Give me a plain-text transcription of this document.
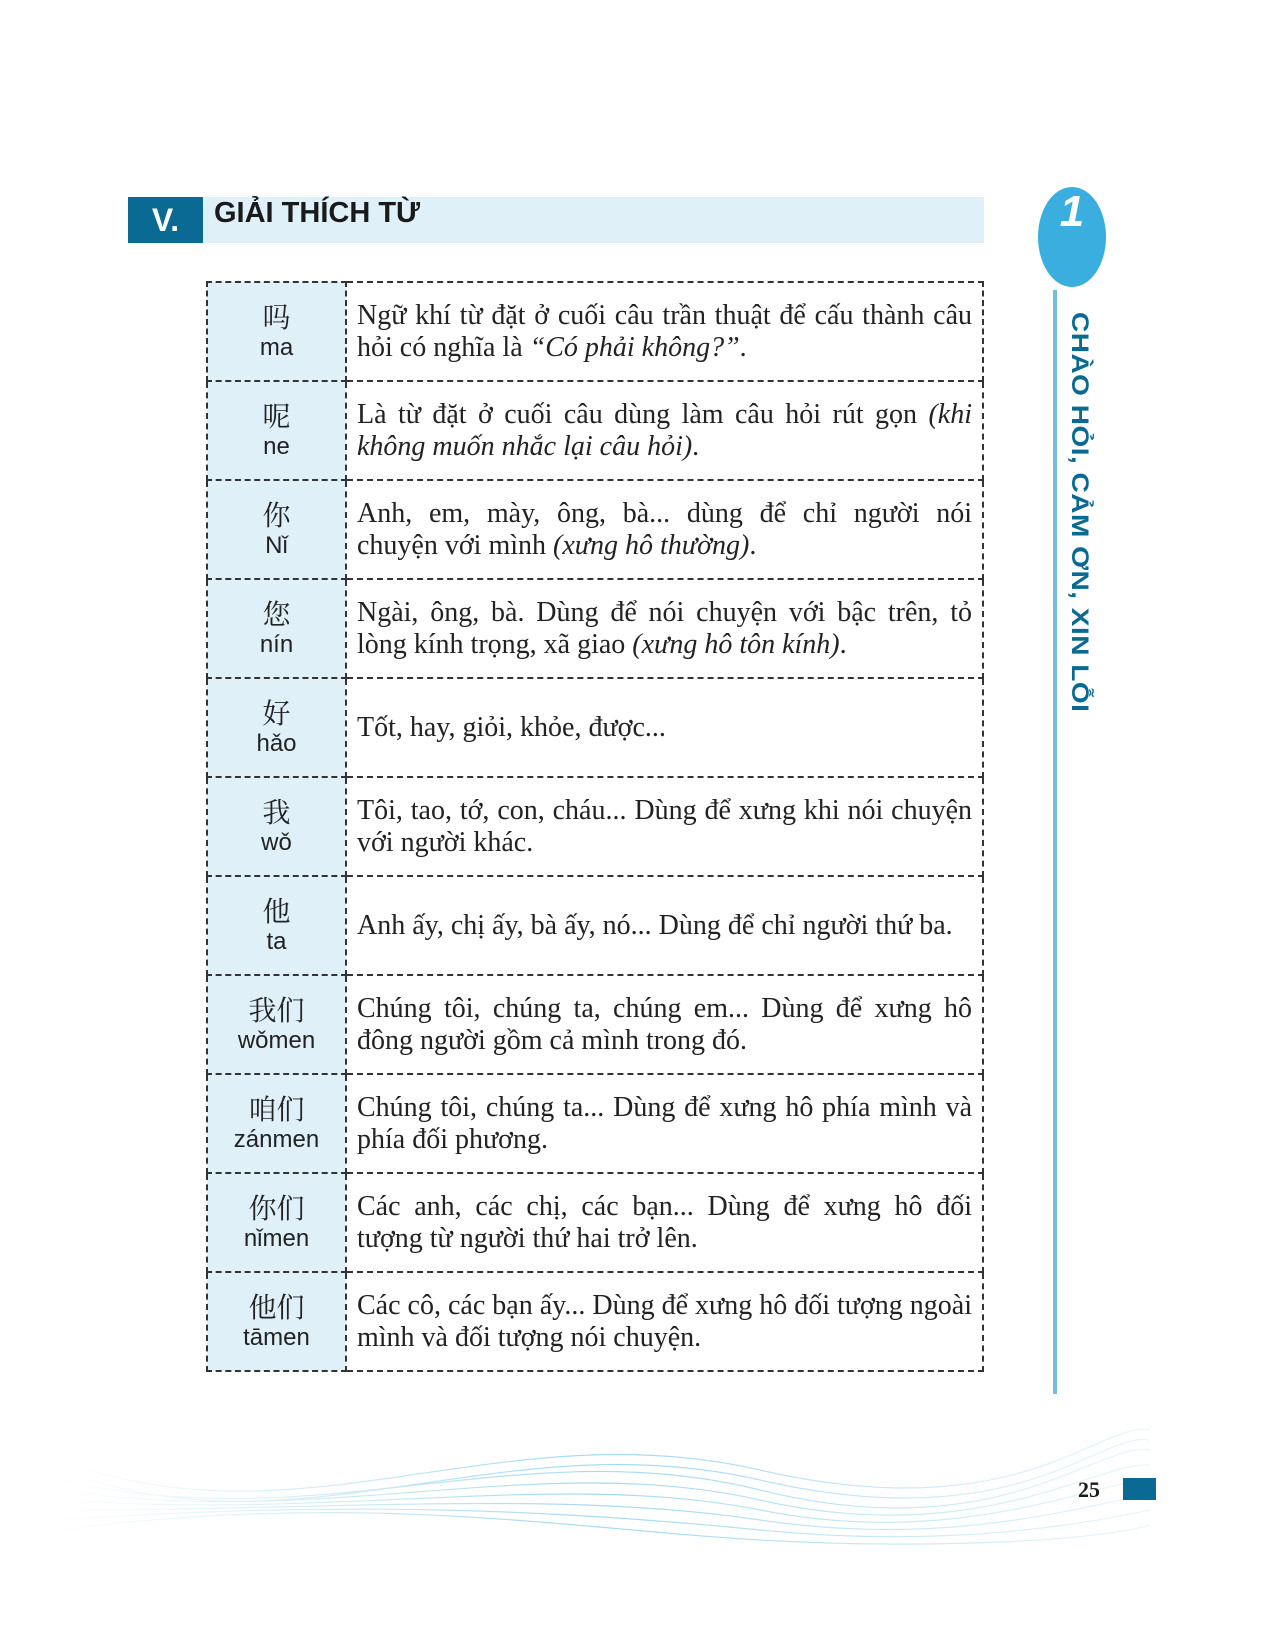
V.	GIẢI THÍCH TỪ
吗
ma	Ngữ khí từ đặt ở cuối câu trần thuật để cấu thành câu hỏi có nghĩa là “Có phải không?”.

呢
ne	Là từ đặt ở cuối câu dùng làm câu hỏi rút gọn (khi không muốn nhắc lại câu hỏi).

你
Nǐ	Anh, em, mày, ông, bà... dùng để chỉ người nói chuyện với mình (xưng hô thường).

您
nín	Ngài, ông, bà. Dùng để nói chuyện với bậc trên, tỏ lòng kính trọng, xã giao (xưng hô tôn kính).

好
hǎo	Tốt, hay, giỏi, khỏe, được...

我
wǒ	Tôi, tao, tớ, con, cháu... Dùng để xưng khi nói chuyện với người khác.

他
ta	Anh ấy, chị ấy, bà ấy, nó... Dùng để chỉ người thứ ba.

我们
wǒmen	Chúng tôi, chúng ta, chúng em... Dùng để xưng hô đông người gồm cả mình trong đó.

咱们
zánmen	Chúng tôi, chúng ta... Dùng để xưng hô phía mình và phía đối phương.

你们
nǐmen	Các anh, các chị, các bạn... Dùng để xưng hô đối tượng từ người thứ hai trở lên.

他们
tāmen	Các cô, các bạn ấy... Dùng để xưng hô đối tượng ngoài mình và đối tượng nói chuyện.
1
CHÀO HỎI, CẢM ƠN, XIN LỖI
25
